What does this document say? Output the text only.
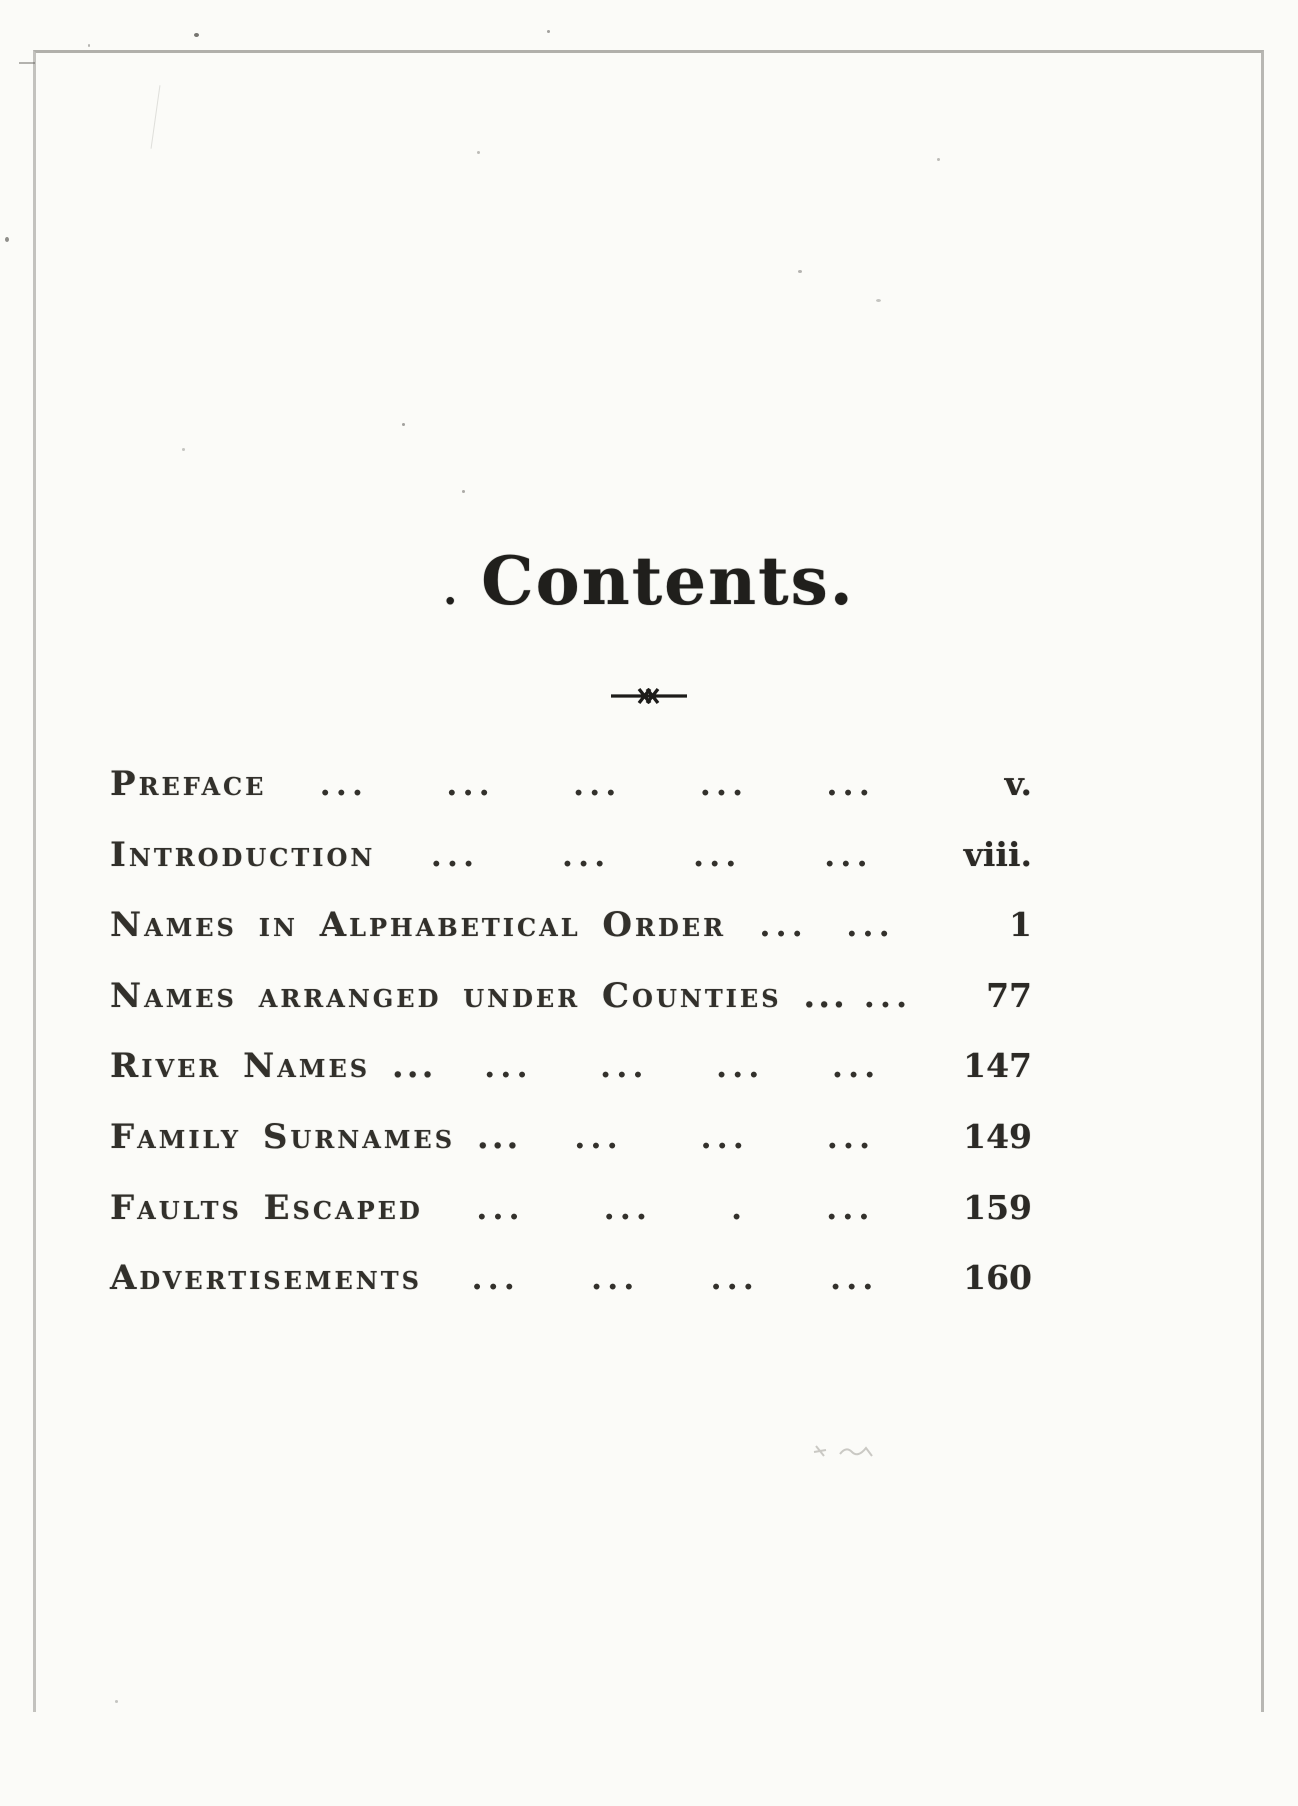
. Contents.
Preface ... ... ... ... ...	v.
Introduction ...	...	...	...	viii.
Names in Alphabetical Order ... ...	1
Names arranged under Counties ... ...	77
River Names ... ... ... ... ...	147
Family Surnames ... ... ... ...	149
Faults Escaped ... ... . ...	159
Advertisements ... ... ... ...	160
